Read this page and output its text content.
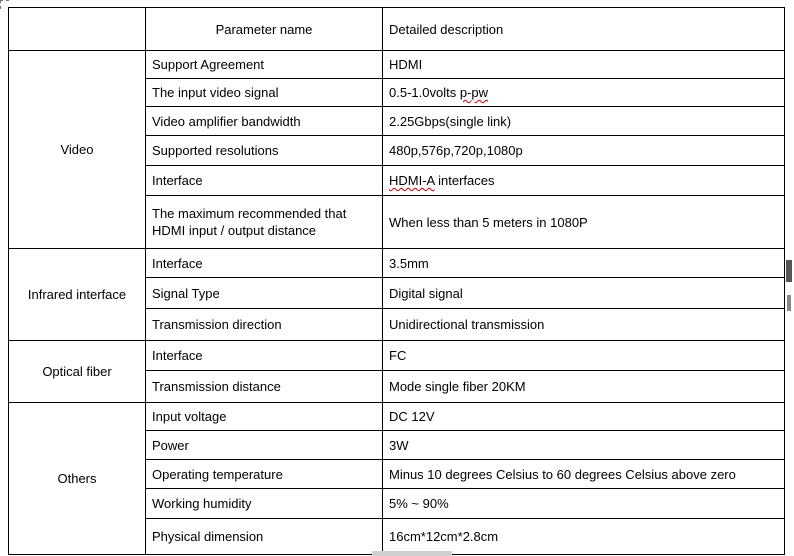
	Parameter name	Detailed description
Video	Support Agreement	HDMI
	The input video signal	0.5-1.0volts p-pw
	Video amplifier bandwidth	2.25Gbps(single link)
	Supported resolutions	480p,576p,720p,1080p
	Interface	HDMI-A interfaces
	The maximum recommended that
HDMI input / output distance	When less than 5 meters in 1080P
Infrared interface	Interface	3.5mm
	Signal Type	Digital signal
	Transmission direction	Unidirectional transmission
Optical fiber	Interface	FC
	Transmission distance	Mode single fiber 20KM
Others	Input voltage	DC 12V
	Power	3W
	Operating temperature	Minus 10 degrees Celsius to 60 degrees Celsius above zero
	Working humidity	5% ~ 90%
	Physical dimension	16cm*12cm*2.8cm
